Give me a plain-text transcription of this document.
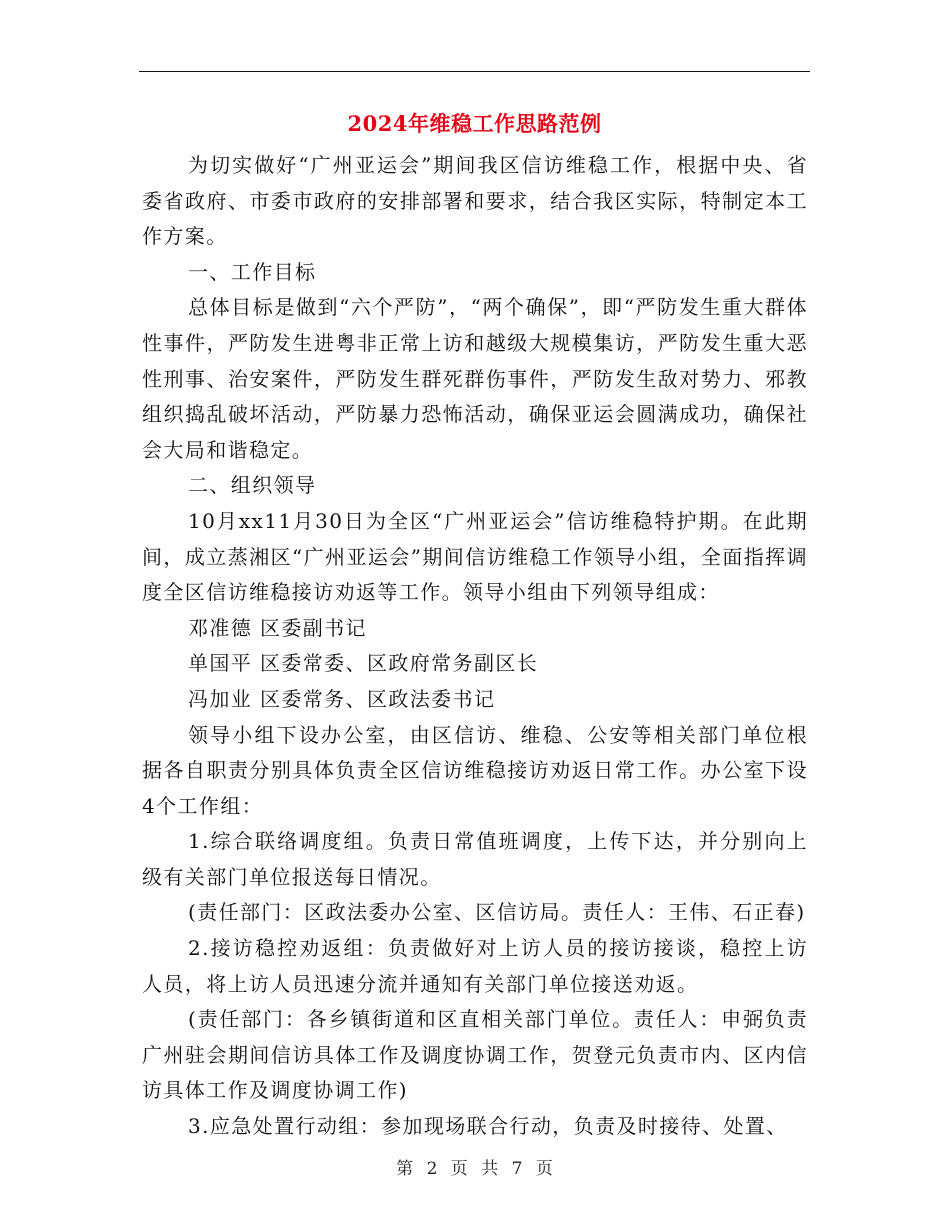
2024年维稳工作思路范例

为切实做好“广州亚运会”期间我区信访维稳工作，根据中央、省委省政府、市委市政府的安排部署和要求，结合我区实际，特制定本工作方案。

一、工作目标

总体目标是做到“六个严防”，“两个确保”，即“严防发生重大群体性事件，严防发生进粤非正常上访和越级大规模集访，严防发生重大恶性刑事、治安案件，严防发生群死群伤事件，严防发生敌对势力、邪教组织捣乱破坏活动，严防暴力恐怖活动，确保亚运会圆满成功，确保社会大局和谐稳定。

二、组织领导

10月xx11月30日为全区“广州亚运会”信访维稳特护期。在此期间，成立蒸湘区“广州亚运会”期间信访维稳工作领导小组，全面指挥调度全区信访维稳接访劝返等工作。领导小组由下列领导组成：

邓准德 区委副书记

单国平 区委常委、区政府常务副区长

冯加业 区委常务、区政法委书记

领导小组下设办公室，由区信访、维稳、公安等相关部门单位根据各自职责分别具体负责全区信访维稳接访劝返日常工作。办公室下设4个工作组：

1.综合联络调度组。负责日常值班调度，上传下达，并分别向上级有关部门单位报送每日情况。

(责任部门：区政法委办公室、区信访局。责任人：王伟、石正春)

2.接访稳控劝返组：负责做好对上访人员的接访接谈，稳控上访人员，将上访人员迅速分流并通知有关部门单位接送劝返。

(责任部门：各乡镇街道和区直相关部门单位。责任人：申弼负责广州驻会期间信访具体工作及调度协调工作，贺登元负责市内、区内信访具体工作及调度协调工作)

3.应急处置行动组：参加现场联合行动，负责及时接待、处置、

第 2 页 共 7 页
